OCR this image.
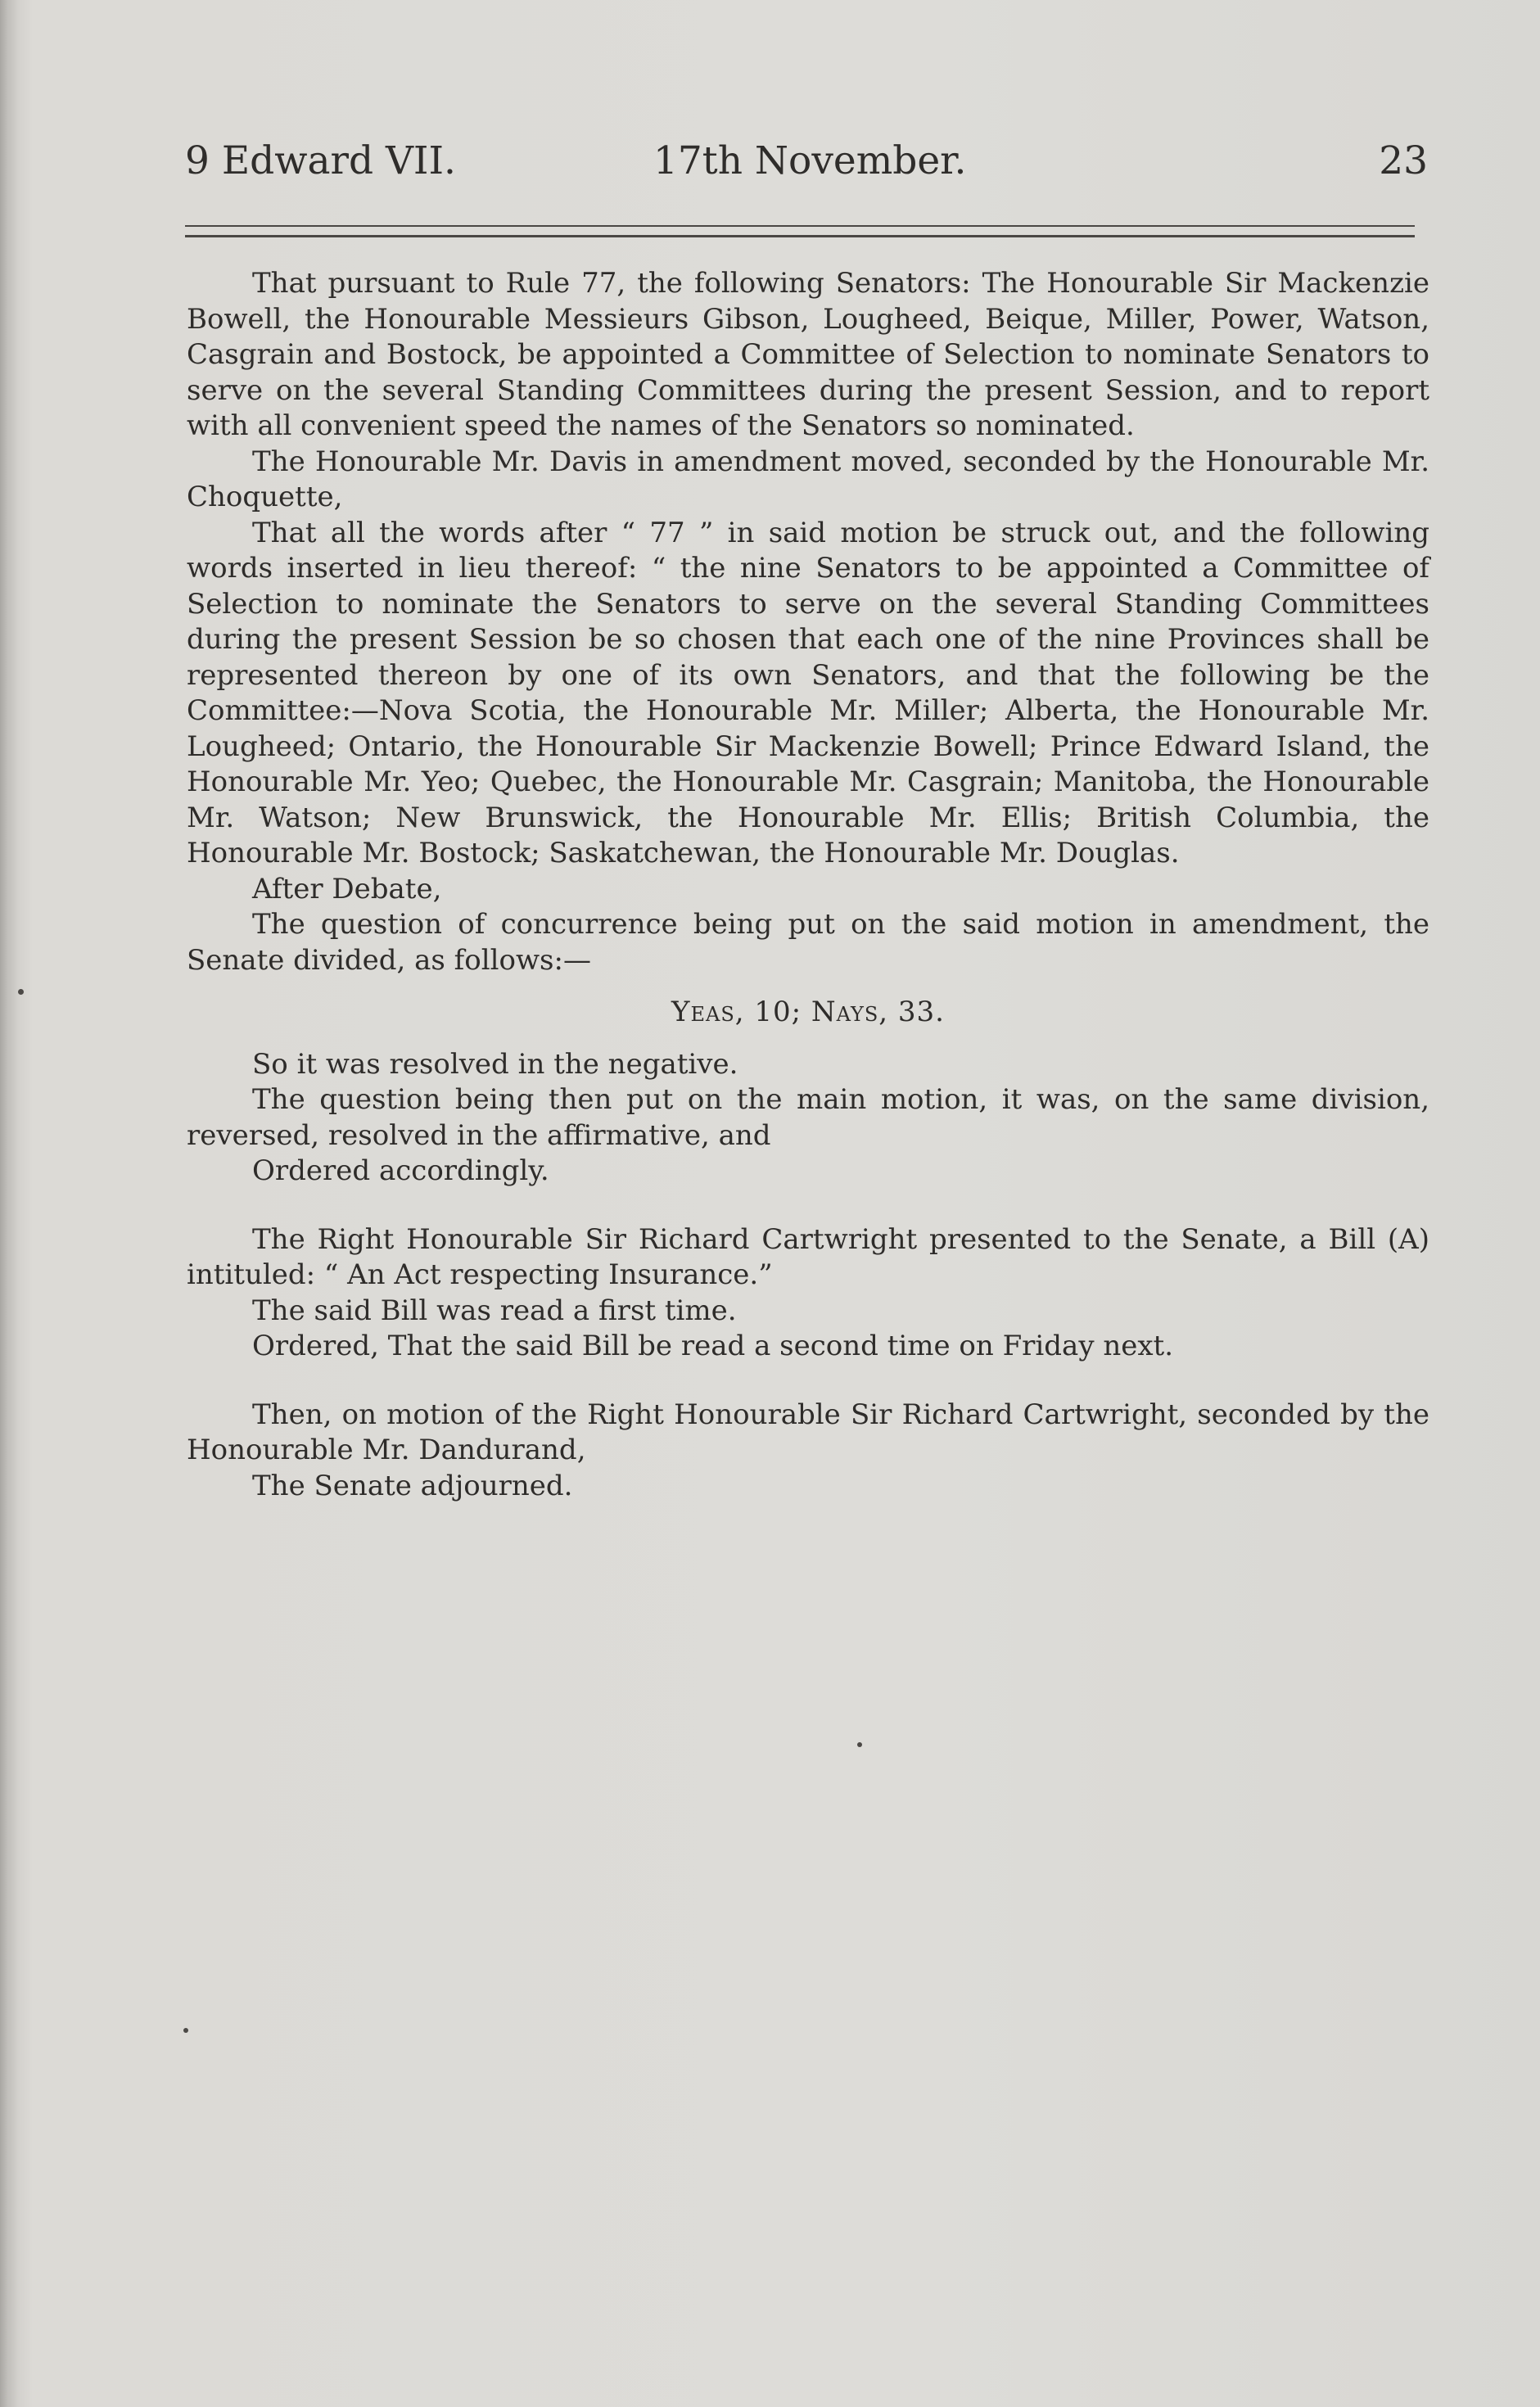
9 Edward VII.	17th November.	23

That pursuant to Rule 77, the following Senators: The Honourable Sir Mackenzie Bowell, the Honourable Messieurs Gibson, Lougheed, Beique, Miller, Power, Watson, Casgrain and Bostock, be appointed a Committee of Selection to nominate Senators to serve on the several Standing Committees during the present Session, and to report with all convenient speed the names of the Senators so nominated.

The Honourable Mr. Davis in amendment moved, seconded by the Honourable Mr. Choquette,

That all the words after “ 77 ” in said motion be struck out, and the following words inserted in lieu thereof: “ the nine Senators to be appointed a Committee of Selection to nominate the Senators to serve on the several Standing Committees during the present Session be so chosen that each one of the nine Provinces shall be represented thereon by one of its own Senators, and that the following be the Committee:—Nova Scotia, the Honourable Mr. Miller; Alberta, the Honourable Mr. Lougheed; Ontario, the Honourable Sir Mackenzie Bowell; Prince Edward Island, the Honourable Mr. Yeo; Quebec, the Honourable Mr. Casgrain; Manitoba, the Honourable Mr. Watson; New Brunswick, the Honourable Mr. Ellis; British Columbia, the Honourable Mr. Bostock; Saskatchewan, the Honourable Mr. Douglas.

After Debate,

The question of concurrence being put on the said motion in amendment, the Senate divided, as follows:—

Yeas, 10; Nays, 33.

So it was resolved in the negative.

The question being then put on the main motion, it was, on the same division, reversed, resolved in the affirmative, and

Ordered accordingly.

The Right Honourable Sir Richard Cartwright presented to the Senate, a Bill (A) intituled: “ An Act respecting Insurance.”

The said Bill was read a first time.

Ordered, That the said Bill be read a second time on Friday next.

Then, on motion of the Right Honourable Sir Richard Cartwright, seconded by the Honourable Mr. Dandurand,

The Senate adjourned.
